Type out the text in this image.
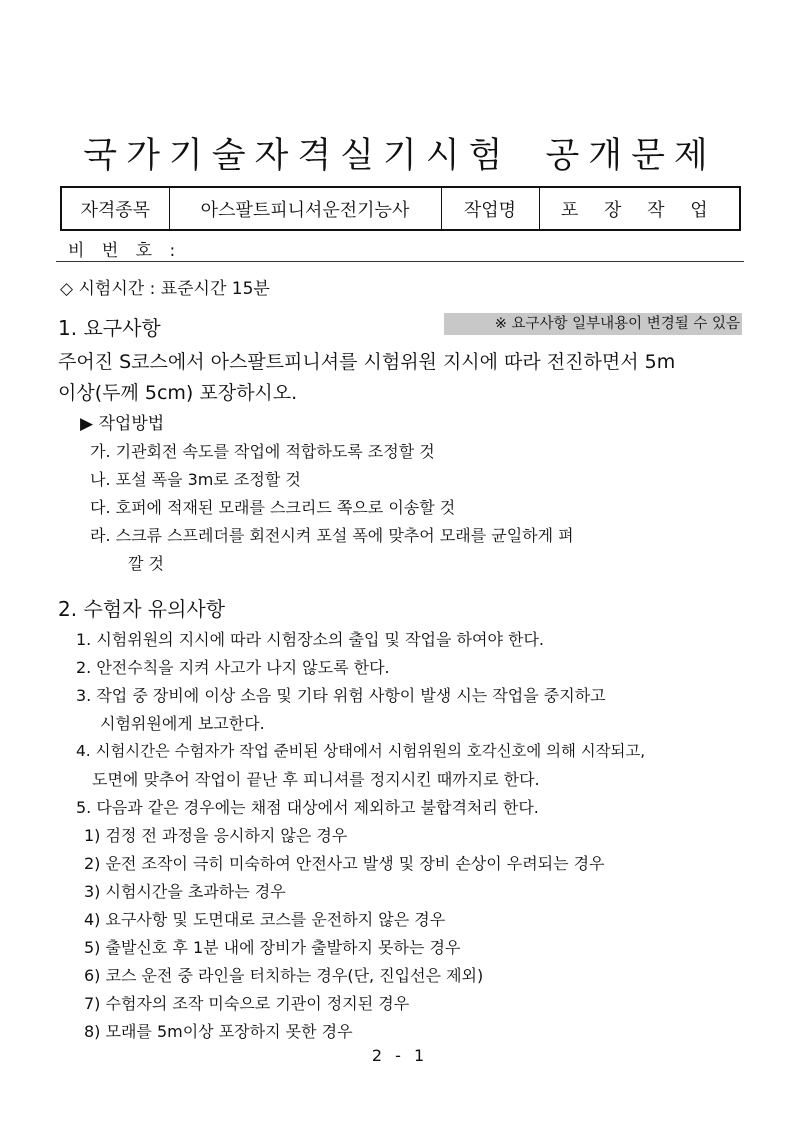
국가기술자격실기시험 공개문제
자격종목	아스팔트피니셔운전기능사	작업명	포 장 작 업
비 번 호 :
◇ 시험시간 : 표준시간 15분
1. 요구사항	※ 요구사항 일부내용이 변경될 수 있음
주어진 S코스에서 아스팔트피니셔를 시험위원 지시에 따라 전진하면서 5m
이상(두께 5cm) 포장하시오.
▶ 작업방법
가. 기관회전 속도를 작업에 적합하도록 조정할 것
나. 포설 폭을 3m로 조정할 것
다. 호퍼에 적재된 모래를 스크리드 쪽으로 이송할 것
라. 스크류 스프레더를 회전시켜 포설 폭에 맞추어 모래를 균일하게 펴
깔 것
2. 수험자 유의사항
1. 시험위원의 지시에 따라 시험장소의 출입 및 작업을 하여야 한다.
2. 안전수칙을 지켜 사고가 나지 않도록 한다.
3. 작업 중 장비에 이상 소음 및 기타 위험 사항이 발생 시는 작업을 중지하고
시험위원에게 보고한다.
4. 시험시간은 수험자가 작업 준비된 상태에서 시험위원의 호각신호에 의해 시작되고,
도면에 맞추어 작업이 끝난 후 피니셔를 정지시킨 때까지로 한다.
5. 다음과 같은 경우에는 채점 대상에서 제외하고 불합격처리 한다.
1) 검정 전 과정을 응시하지 않은 경우
2) 운전 조작이 극히 미숙하여 안전사고 발생 및 장비 손상이 우려되는 경우
3) 시험시간을 초과하는 경우
4) 요구사항 및 도면대로 코스를 운전하지 않은 경우
5) 출발신호 후 1분 내에 장비가 출발하지 못하는 경우
6) 코스 운전 중 라인을 터치하는 경우(단, 진입선은 제외)
7) 수험자의 조작 미숙으로 기관이 정지된 경우
8) 모래를 5m이상 포장하지 못한 경우
2 - 1
